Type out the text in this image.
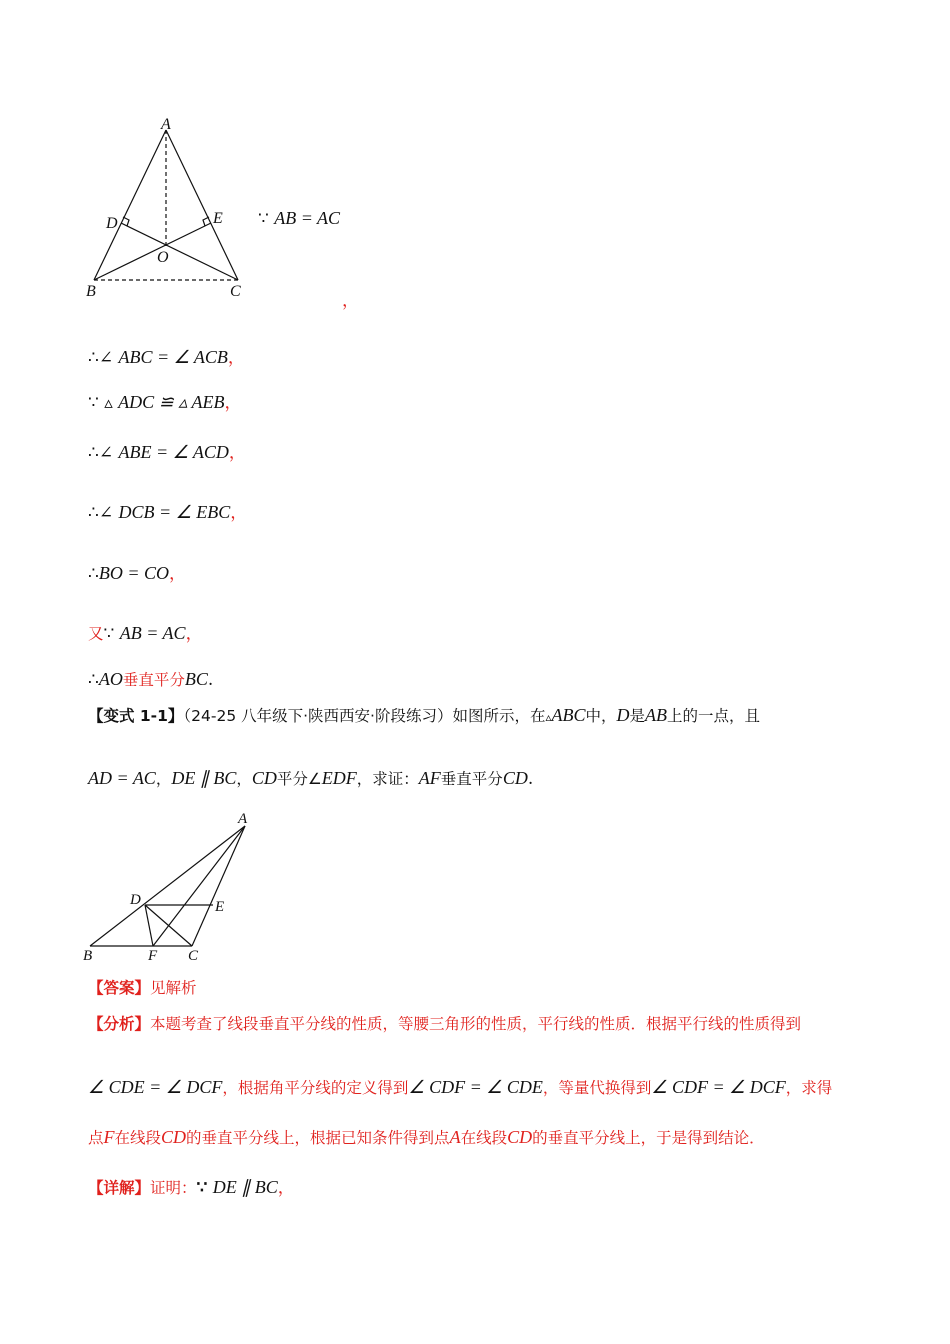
A
B	C
D	E
O
∵ AB = AC
，
∴∠ ABC = ∠ ACB，
∵ ▵ ADC ≌ ▵ AEB，
∴∠ ABE = ∠ ACD，
∴∠ DCB = ∠ EBC，
∴BO = CO，
又∵ AB = AC，
∴AO垂直平分BC.
【变式 1-1】（24-25 八年级下·陕西西安·阶段练习）如图所示，在▵ABC中，D是AB上的一点，且
AD = AC，DE ∥ BC，CD平分∠EDF，求证：AF垂直平分CD.
A
B	C
D	E
F
【答案】见解析
【分析】本题考查了线段垂直平分线的性质，等腰三角形的性质，平行线的性质．根据平行线的性质得到
∠ CDE = ∠ DCF，根据角平分线的定义得到∠ CDF = ∠ CDE，等量代换得到∠ CDF = ∠ DCF，求得
点F在线段CD的垂直平分线上，根据已知条件得到点A在线段CD的垂直平分线上，于是得到结论．
【详解】证明：∵ DE ∥ BC，
